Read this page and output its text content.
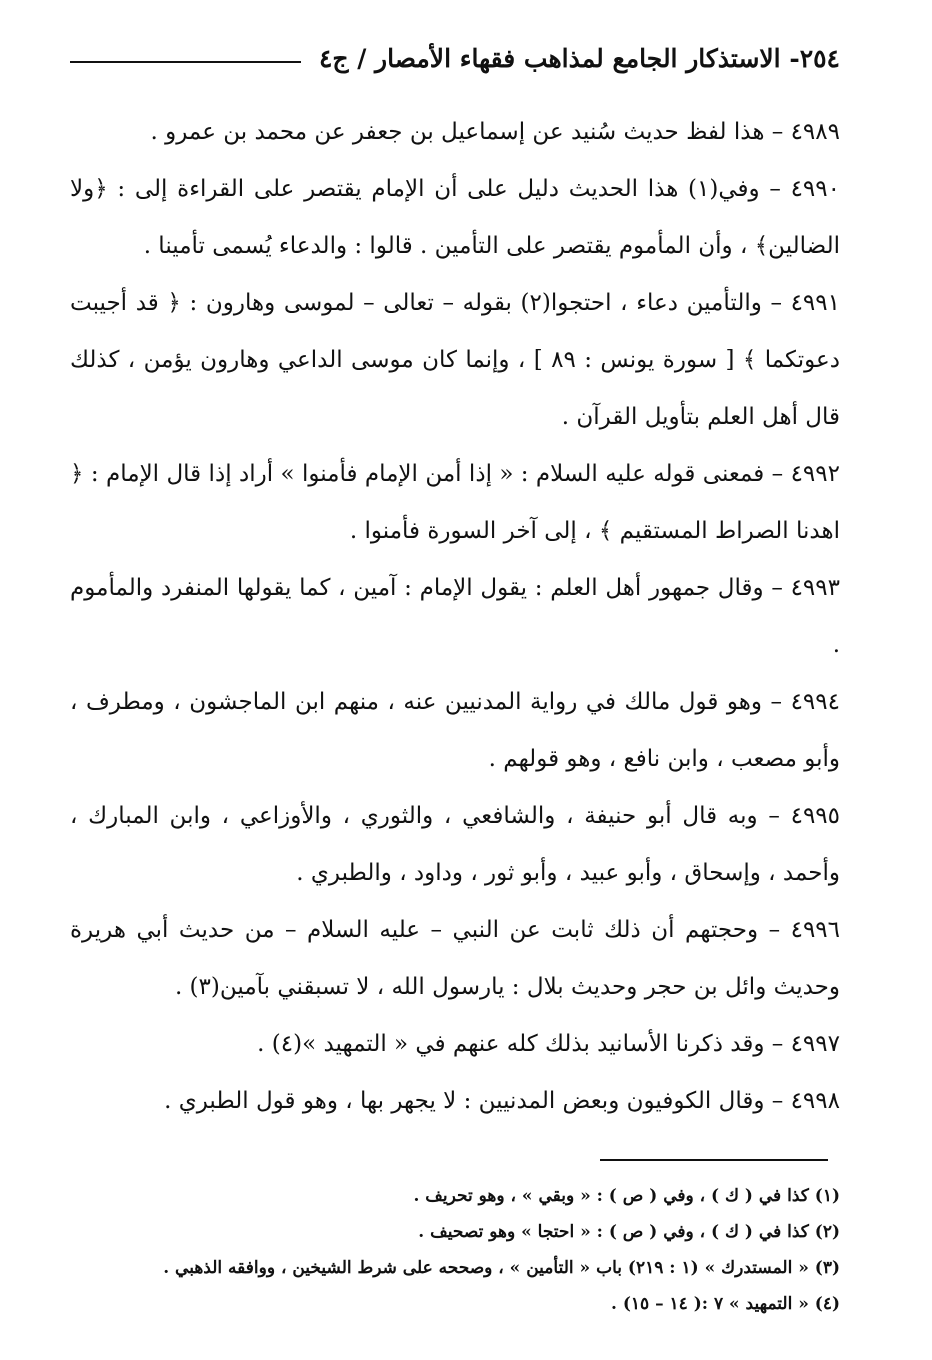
٢٥٤- الاستذكار الجامع لمذاهب فقهاء الأمصار / ج٤

٤٩٨٩ – هذا لفظ حديث سُنيد عن إسماعيل بن جعفر عن محمد بن عمرو .

٤٩٩٠ – وفي(١) هذا الحديث دليل على أن الإمام يقتصر على القراءة إلى : ﴿ولا الضالين﴾ ، وأن المأموم يقتصر على التأمين . قالوا : والدعاء يُسمى تأمينا .

٤٩٩١ – والتأمين دعاء ، احتجوا(٢) بقوله – تعالى – لموسى وهارون : ﴿ قد أجيبت دعوتكما ﴾ [ سورة يونس : ٨٩ ] ، وإنما كان موسى الداعي وهارون يؤمن ، كذلك قال أهل العلم بتأويل القرآن .

٤٩٩٢ – فمعنى قوله عليه السلام : « إذا أمن الإمام فأمنوا » أراد إذا قال الإمام : ﴿ اهدنا الصراط المستقيم ﴾ ، إلى آخر السورة فأمنوا .

٤٩٩٣ – وقال جمهور أهل العلم : يقول الإمام : آمين ، كما يقولها المنفرد والمأموم .

٤٩٩٤ – وهو قول مالك في رواية المدنيين عنه ، منهم ابن الماجشون ، ومطرف ، وأبو مصعب ، وابن نافع ، وهو قولهم .

٤٩٩٥ – وبه قال أبو حنيفة ، والشافعي ، والثوري ، والأوزاعي ، وابن المبارك ، وأحمد ، وإسحاق ، وأبو عبيد ، وأبو ثور ، وداود ، والطبري .

٤٩٩٦ – وحجتهم أن ذلك ثابت عن النبي – عليه السلام – من حديث أبي هريرة وحديث وائل بن حجر وحديث بلال : يارسول الله ، لا تسبقني بآمين(٣) .

٤٩٩٧ – وقد ذكرنا الأسانيد بذلك كله عنهم في « التمهيد »(٤) .

٤٩٩٨ – وقال الكوفيون وبعض المدنيين : لا يجهر بها ، وهو قول الطبري .

(١) كذا في ( ك ) ، وفي ( ص ) : « وبقي » ، وهو تحريف .

(٢) كذا في ( ك ) ، وفي ( ص ) : « احتجا » وهو تصحيف .

(٣) « المستدرك » (١ : ٢١٩) باب « التأمين » ، وصححه على شرط الشيخين ، ووافقه الذهبي .

(٤) « التمهيد » ٧ :( ١٤ – ١٥) .
